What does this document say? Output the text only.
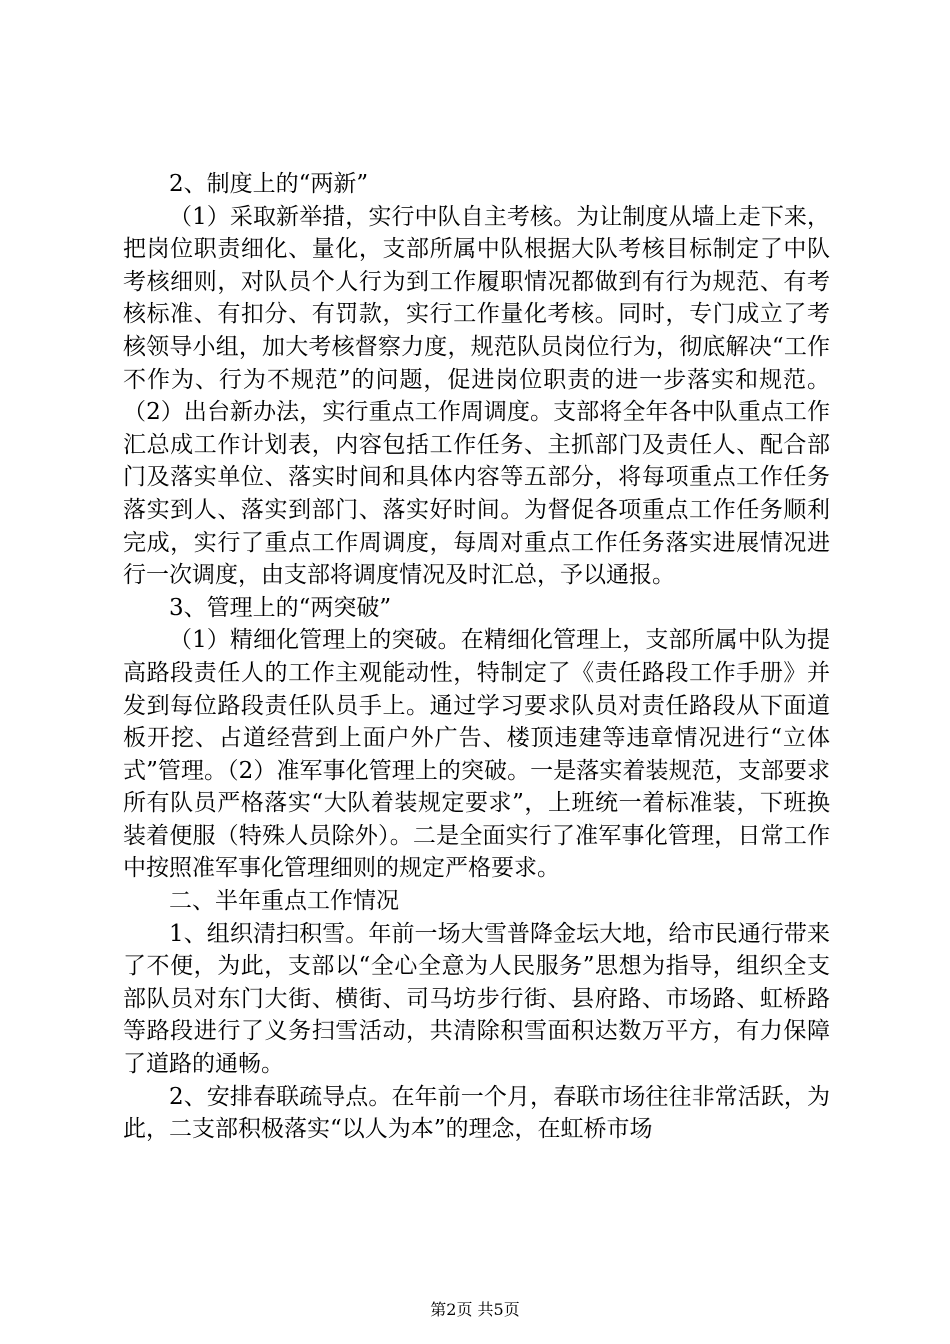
2、制度上的“两新”

（1）采取新举措，实行中队自主考核。为让制度从墙上走下来，把岗位职责细化、量化，支部所属中队根据大队考核目标制定了中队考核细则，对队员个人行为到工作履职情况都做到有行为规范、有考核标准、有扣分、有罚款，实行工作量化考核。同时，专门成立了考核领导小组，加大考核督察力度，规范队员岗位行为，彻底解决“工作不作为、行为不规范”的问题，促进岗位职责的进一步落实和规范。（2）出台新办法，实行重点工作周调度。支部将全年各中队重点工作汇总成工作计划表，内容包括工作任务、主抓部门及责任人、配合部门及落实单位、落实时间和具体内容等五部分，将每项重点工作任务落实到人、落实到部门、落实好时间。为督促各项重点工作任务顺利完成，实行了重点工作周调度，每周对重点工作任务落实进展情况进行一次调度，由支部将调度情况及时汇总，予以通报。

3、管理上的“两突破”

（1）精细化管理上的突破。在精细化管理上，支部所属中队为提高路段责任人的工作主观能动性，特制定了《责任路段工作手册》并发到每位路段责任队员手上。通过学习要求队员对责任路段从下面道板开挖、占道经营到上面户外广告、楼顶违建等违章情况进行“立体式”管理。（2）准军事化管理上的突破。一是落实着装规范，支部要求所有队员严格落实“大队着装规定要求”，上班统一着标准装，下班换装着便服（特殊人员除外）。二是全面实行了准军事化管理，日常工作中按照准军事化管理细则的规定严格要求。

二、半年重点工作情况

1、组织清扫积雪。年前一场大雪普降金坛大地，给市民通行带来了不便，为此，支部以“全心全意为人民服务”思想为指导，组织全支部队员对东门大街、横街、司马坊步行街、县府路、市场路、虹桥路等路段进行了义务扫雪活动，共清除积雪面积达数万平方，有力保障了道路的通畅。

2、安排春联疏导点。在年前一个月，春联市场往往非常活跃，为此，二支部积极落实“以人为本”的理念，在虹桥市场

第2页 共5页
